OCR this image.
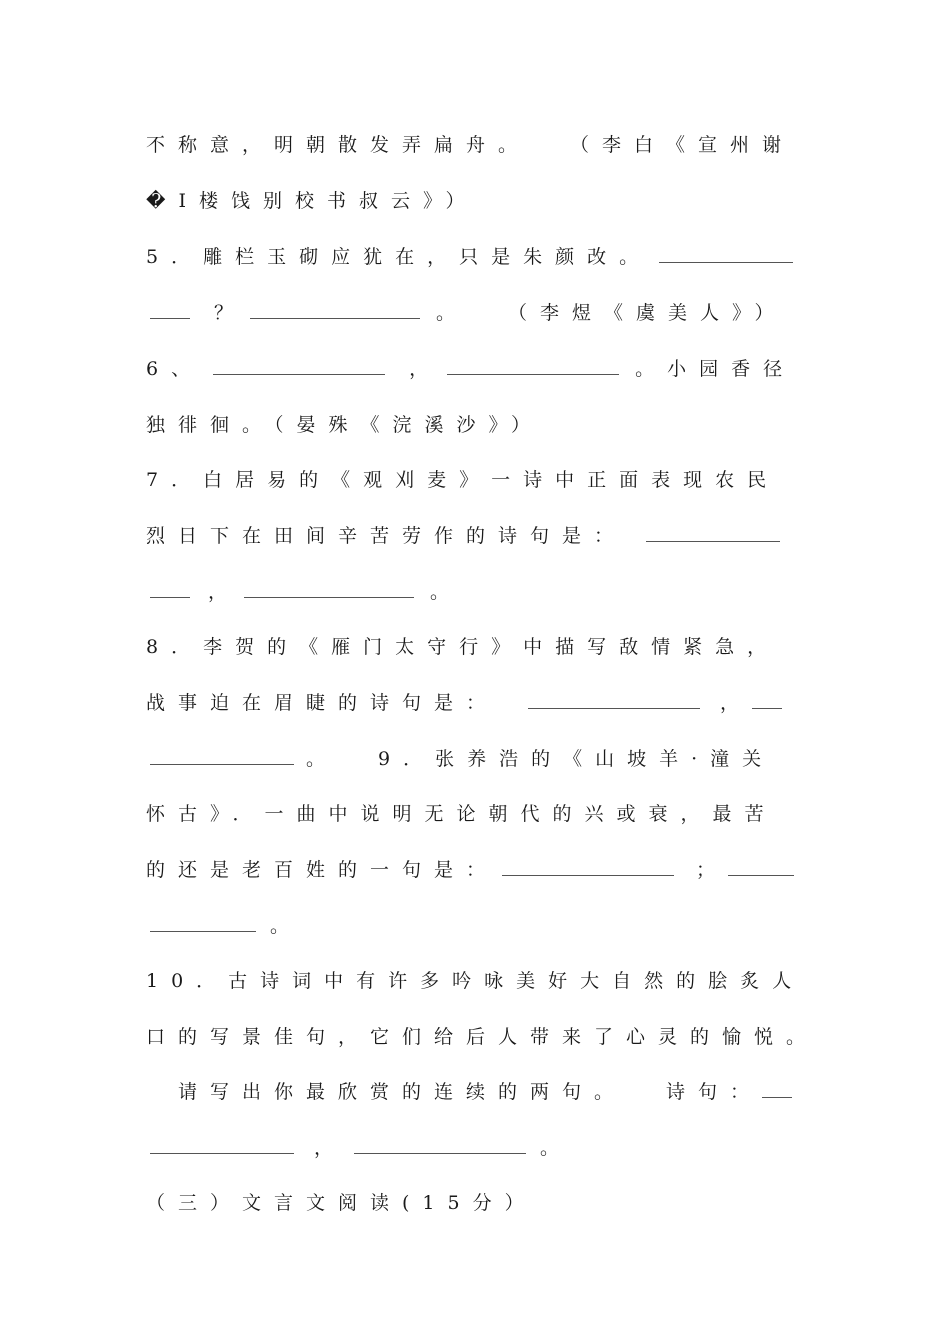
不称意，明朝散发弄扁舟。 （李白《宣州谢
�I楼饯别校书叔云》）
5．雕栏玉砌应犹在，只是朱颜改。
？	。 （李煜《虞美人》）
6、	，	。小园香径
独徘徊。（晏殊《浣溪沙》）
7．白居易的《观刈麦》一诗中正面表现农民
烈日下在田间辛苦劳作的诗句是：
，	。
8．李贺的《雁门太守行》中描写敌情紧急，
战事迫在眉睫的诗句是：	，
。 9．张养浩的《山坡羊·潼关
怀古》．一曲中说明无论朝代的兴或衰，最苦
的还是老百姓的一句是：	；
。
10．古诗词中有许多吟咏美好大自然的脍炙人
口的写景佳句，它们给后人带来了心灵的愉悦。
请写出你最欣赏的连续的两句。 诗句：
，	。
（三）文言文阅读(15分）
